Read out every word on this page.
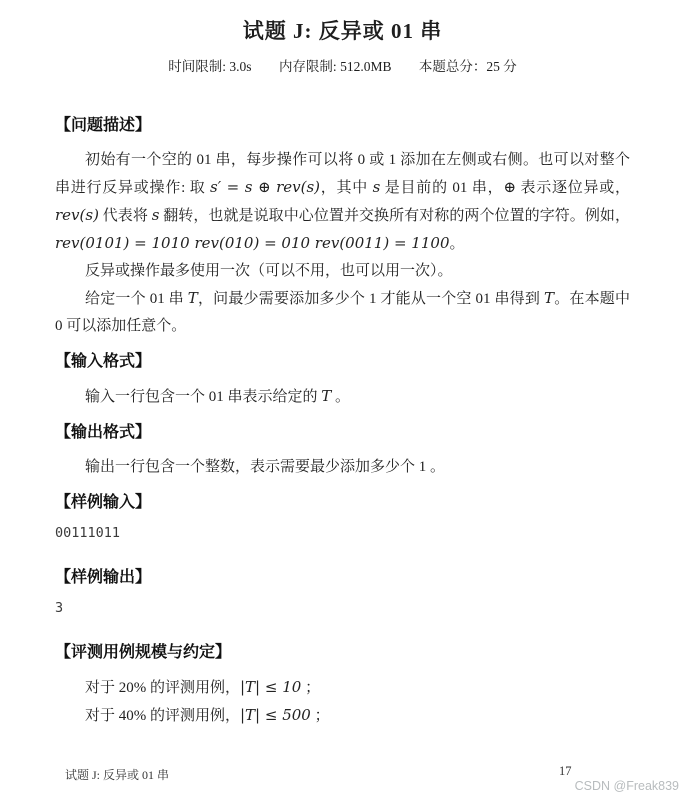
试题 J: 反异或 01 串
时间限制: 3.0s 内存限制: 512.0MB 本题总分：25 分
【问题描述】

初始有一个空的 01 串，每步操作可以将 0 或 1 添加在左侧或右侧。也可以对整个串进行反异或操作: 取 s′ = s ⊕ rev(s)，其中 s 是目前的 01 串，⊕ 表示逐位异或，rev(s) 代表将 s 翻转，也就是说取中心位置并交换所有对称的两个位置的字符。例如，rev(0101) = 1010 rev(010) = 010 rev(0011) = 1100。

反异或操作最多使用一次（可以不用，也可以用一次）。

给定一个 01 串 T，问最少需要添加多少个 1 才能从一个空 01 串得到 T。在本题中 0 可以添加任意个。

【输入格式】

输入一行包含一个 01 串表示给定的 T 。

【输出格式】

输出一行包含一个整数，表示需要最少添加多少个 1 。

【样例输入】
00111011
【样例输出】
3
【评测用例规模与约定】

对于 20% 的评测用例，|T| ≤ 10 ；

对于 40% 的评测用例，|T| ≤ 500 ；

试题 J: 反异或 01 串	17
CSDN @Freak839
